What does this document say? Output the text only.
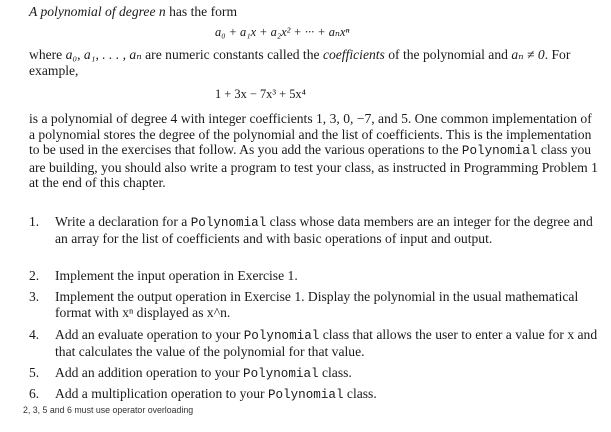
A polynomial of degree n has the form

a₀ + a₁x + a₂x² + ··· + aₙxⁿ

where a₀, a₁, . . . , aₙ are numeric constants called the coefficients of the polynomial and aₙ ≠ 0. For example,

1 + 3x − 7x³ + 5x⁴

is a polynomial of degree 4 with integer coefficients 1, 3, 0, −7, and 5. One common implementation of a polynomial stores the degree of the polynomial and the list of coefficients. This is the implementation to be used in the exercises that follow. As you add the various operations to the Polynomial class you are building, you should also write a program to test your class, as instructed in Programming Problem 1 at the end of this chapter.

1. Write a declaration for a Polynomial class whose data members are an integer for the degree and an array for the list of coefficients and with basic operations of input and output.

2. Implement the input operation in Exercise 1.

3. Implement the output operation in Exercise 1. Display the polynomial in the usual mathematical format with xⁿ displayed as x^n.

4. Add an evaluate operation to your Polynomial class that allows the user to enter a value for x and that calculates the value of the polynomial for that value.

5. Add an addition operation to your Polynomial class.

6. Add a multiplication operation to your Polynomial class.

2, 3, 5 and 6 must use operator overloading
